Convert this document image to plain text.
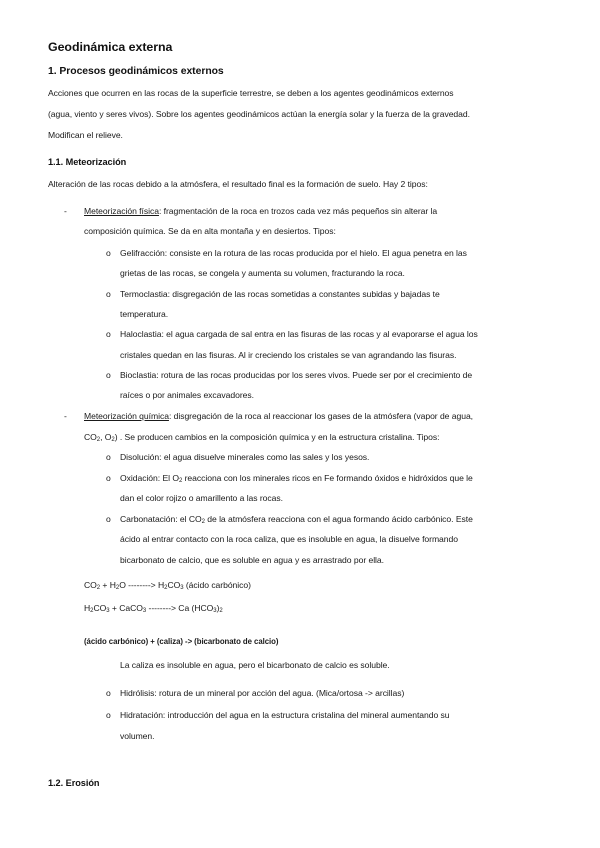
Geodinámica externa
1. Procesos geodinámicos externos
Acciones que ocurren en las rocas de la superficie terrestre, se deben a los agentes geodinámicos externos
(agua, viento y seres vivos). Sobre los agentes geodinámicos actúan la energía solar y la fuerza de la gravedad.
Modifican el relieve.
1.1. Meteorización
Alteración de las rocas debido a la atmósfera, el resultado final es la formación de suelo. Hay 2 tipos:
- Meteorización física: fragmentación de la roca en trozos cada vez más pequeños sin alterar la
composición química. Se da en alta montaña y en desiertos. Tipos:
o Gelifracción: consiste en la rotura de las rocas producida por el hielo. El agua penetra en las
grietas de las rocas, se congela y aumenta su volumen, fracturando la roca.
o Termoclastia: disgregación de las rocas sometidas a constantes subidas y bajadas te
temperatura.
o Haloclastia: el agua cargada de sal entra en las fisuras de las rocas y al evaporarse el agua los
cristales quedan en las fisuras. Al ir creciendo los cristales se van agrandando las fisuras.
o Bioclastia: rotura de las rocas producidas por los seres vivos. Puede ser por el crecimiento de
raíces o por animales excavadores.
- Meteorización química: disgregación de la roca al reaccionar los gases de la atmósfera (vapor de agua,
$CO_2$, $O_2$) . Se producen cambios en la composición química y en la estructura cristalina. Tipos:
o Disolución: el agua disuelve minerales como las sales y los yesos.
o Oxidación: El $O_2$ reacciona con los minerales ricos en Fe formando óxidos e hidróxidos que le
dan el color rojizo o amarillento a las rocas.
o Carbonatación: el $CO_2$ de la atmósfera reacciona con el agua formando ácido carbónico. Este
ácido al entrar contacto con la roca caliza, que es insoluble en agua, la disuelve formando
bicarbonato de calcio, que es soluble en agua y es arrastrado por ella.
$CO_2 + H_2O$ --------> $H_2CO_3$ (ácido carbónico)
$H_2CO_3$ + CaCO$_3$ --------> Ca $(HCO_3)_2$
(ácido carbónico) + (caliza) -> (bicarbonato de calcio)
La caliza es insoluble en agua, pero el bicarbonato de calcio es soluble.
o Hidrólisis: rotura de un mineral por acción del agua. (Mica/ortosa -> arcillas)
o Hidratación: introducción del agua en la estructura cristalina del mineral aumentando su
volumen.
1.2. Erosión
